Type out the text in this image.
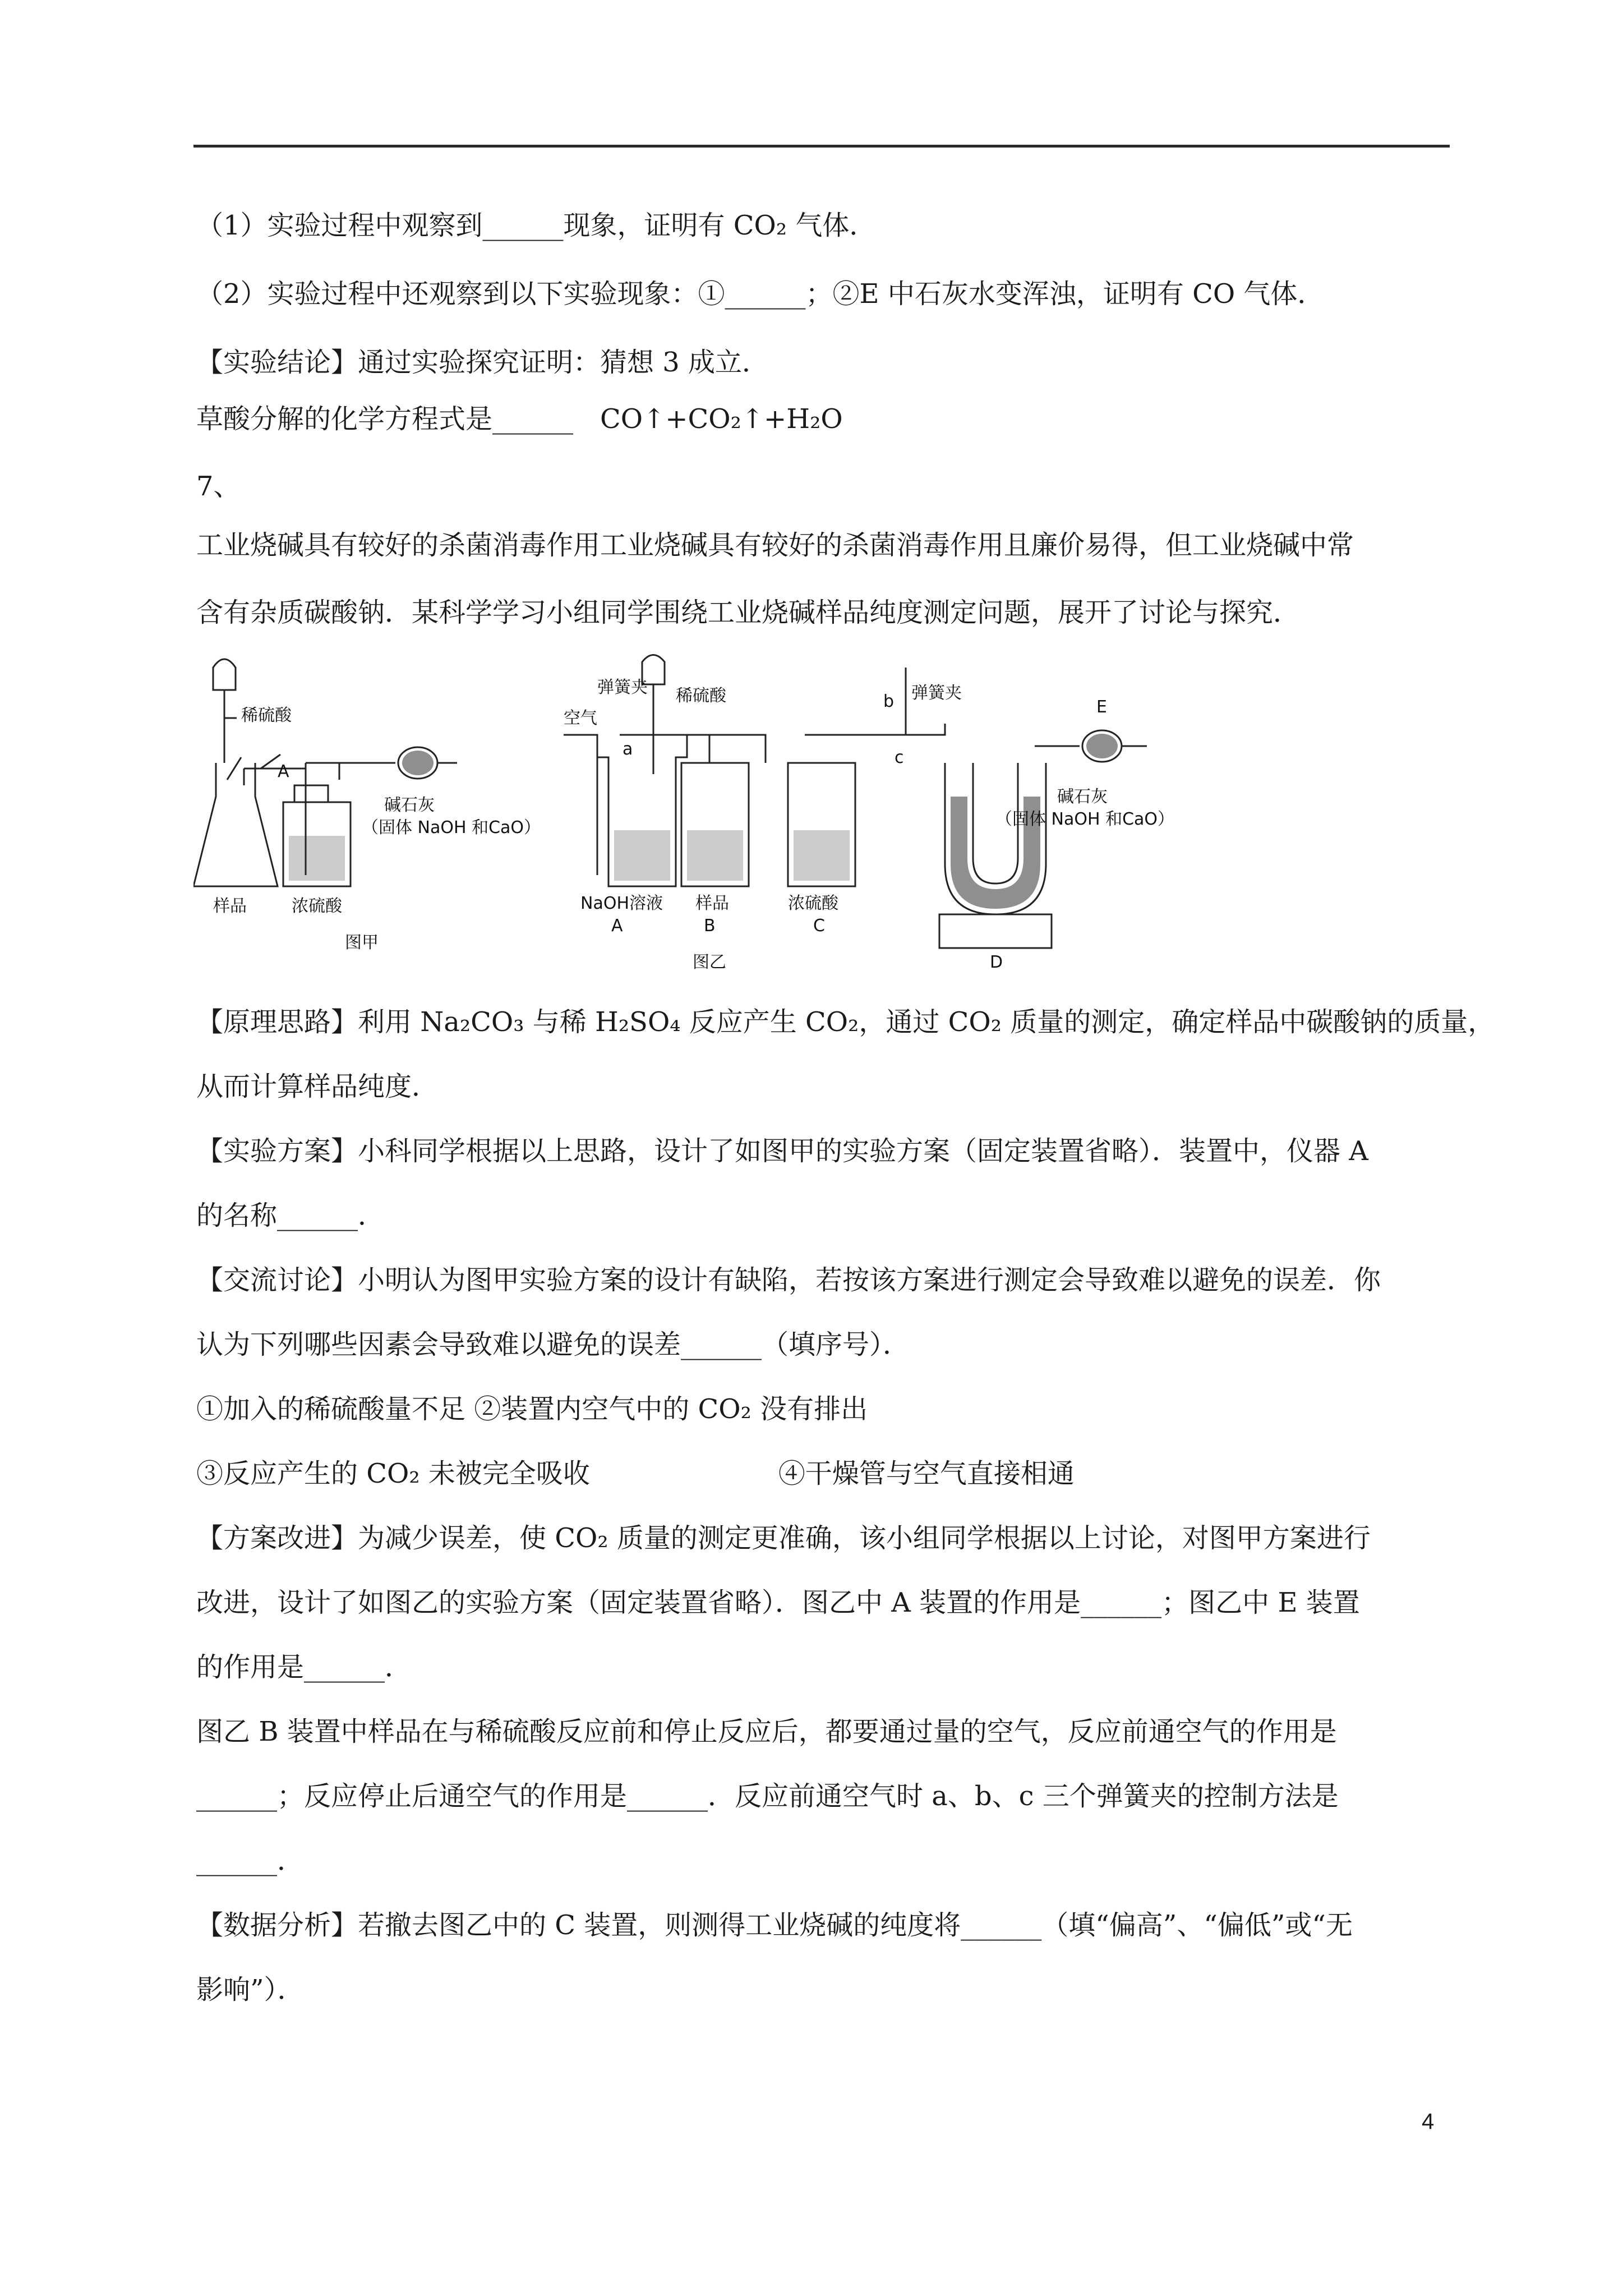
（1）实验过程中观察到______现象，证明有 CO₂ 气体．
（2）实验过程中还观察到以下实验现象：①______；②E 中石灰水变浑浊，证明有 CO 气体．
【实验结论】通过实验探究证明：猜想 3 成立．
草酸分解的化学方程式是______　CO↑+CO₂↑+H₂O
7、
工业烧碱具有较好的杀菌消毒作用工业烧碱具有较好的杀菌消毒作用且廉价易得，但工业烧碱中常
含有杂质碳酸钠．某科学学习小组同学围绕工业烧碱样品纯度测定问题，展开了讨论与探究．
稀硫酸
A
样品	浓硫酸
碱石灰
（固体 NaOH 和CaO）
图甲
空气
弹簧夹 稀硫酸	弹簧夹
a
b
c
E
NaOH溶液
A
样品
B
浓硫酸
C
D
碱石灰
（固体 NaOH 和CaO）
图乙
【原理思路】利用 Na₂CO₃ 与稀 H₂SO₄ 反应产生 CO₂，通过 CO₂ 质量的测定，确定样品中碳酸钠的质量，
从而计算样品纯度．
【实验方案】小科同学根据以上思路，设计了如图甲的实验方案（固定装置省略）．装置中，仪器 A
的名称______．
【交流讨论】小明认为图甲实验方案的设计有缺陷，若按该方案进行测定会导致难以避免的误差．你
认为下列哪些因素会导致难以避免的误差______（填序号）．
①加入的稀硫酸量不足 ②装置内空气中的 CO₂ 没有排出
③反应产生的 CO₂ 未被完全吸收　　　　　　　④干燥管与空气直接相通
【方案改进】为减少误差，使 CO₂ 质量的测定更准确，该小组同学根据以上讨论，对图甲方案进行
改进，设计了如图乙的实验方案（固定装置省略）．图乙中 A 装置的作用是______；图乙中 E 装置
的作用是______．
图乙 B 装置中样品在与稀硫酸反应前和停止反应后，都要通过量的空气，反应前通空气的作用是
______；反应停止后通空气的作用是______．反应前通空气时 a、b、c 三个弹簧夹的控制方法是
______．
【数据分析】若撤去图乙中的 C 装置，则测得工业烧碱的纯度将______（填“偏高”、“偏低”或“无
影响”）．
4
